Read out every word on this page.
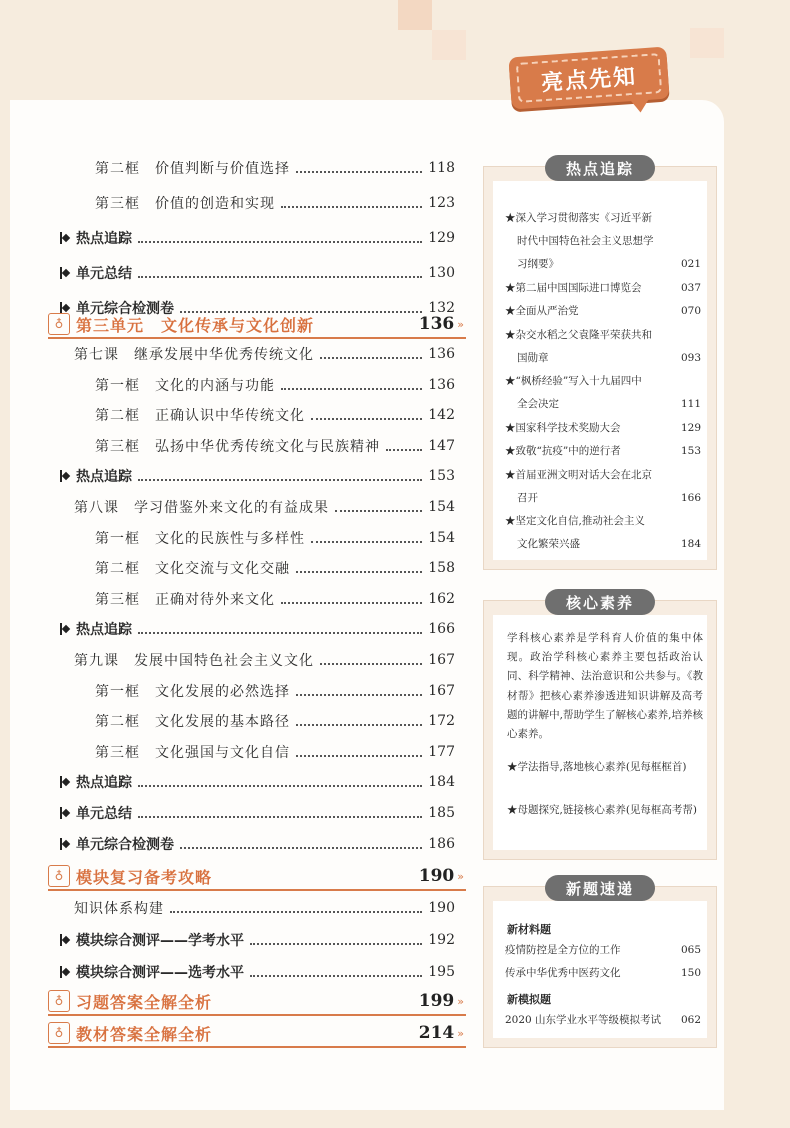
亮点先知
第二框　价值判断与价值选择	118
第三框　价值的创造和实现	123
热点追踪	129
单元总结	130
单元综合检测卷	132
♁ 第三单元　文化传承与文化创新	136 »
第七课　继承发展中华优秀传统文化	136
第一框　文化的内涵与功能	136
第二框　正确认识中华传统文化	142
第三框　弘扬中华优秀传统文化与民族精神	147
热点追踪	153
第八课　学习借鉴外来文化的有益成果	154
第一框　文化的民族性与多样性	154
第二框　文化交流与文化交融	158
第三框　正确对待外来文化	162
热点追踪	166
第九课　发展中国特色社会主义文化	167
第一框　文化发展的必然选择	167
第二框　文化发展的基本路径	172
第三框　文化强国与文化自信	177
热点追踪	184
单元总结	185
单元综合检测卷	186
♁ 模块复习备考攻略	190 »
知识体系构建	190
模块综合测评——学考水平	192
模块综合测评——选考水平	195
♁ 习题答案全解全析	199 »
♁ 教材答案全解全析	214 »
热点追踪
★深入学习贯彻落实《习近平新
时代中国特色社会主义思想学
习纲要》	021
★第二届中国国际进口博览会	037
★全面从严治党	070
★杂交水稻之父袁隆平荣获共和
国勋章	093
★“枫桥经验”写入十九届四中
全会决定	111
★国家科学技术奖励大会	129
★致敬“抗疫”中的逆行者	153
★首届亚洲文明对话大会在北京
召开	166
★坚定文化自信,推动社会主义
文化繁荣兴盛	184
核心素养
学科核心素养是学科育人价值的集中体现。政治学科核心素养主要包括政治认同、科学精神、法治意识和公共参与。《教材帮》把核心素养渗透进知识讲解及高考题的讲解中,帮助学生了解核心素养,培养核心素养。
★学法指导,落地核心素养(见每框框首)
★母题探究,链接核心素养(见每框高考帮)
新题速递
新材料题
疫情防控是全方位的工作	065
传承中华优秀中医药文化	150
新模拟题
2020 山东学业水平等级模拟考试 062
